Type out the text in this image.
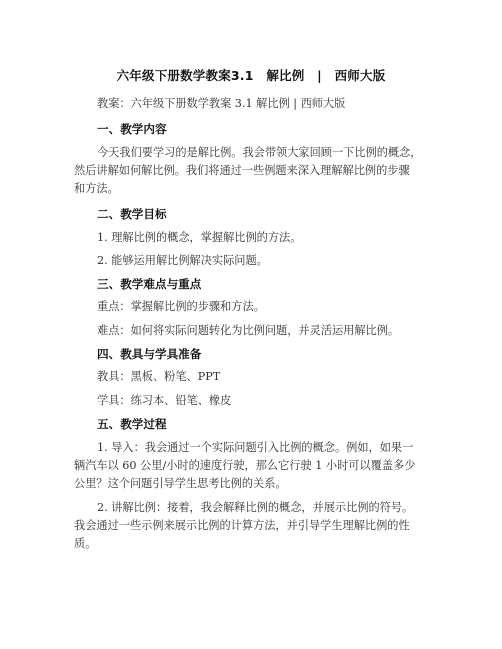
六年级下册数学教案3.1　解比例　|　西师大版
教案：六年级下册数学教案 3.1 解比例 | 西师大版
一、教学内容
今天我们要学习的是解比例。我会带领大家回顾一下比例的概念，
然后讲解如何解比例。我们将通过一些例题来深入理解解比例的步骤
和方法。
二、教学目标
1. 理解比例的概念，掌握解比例的方法。
2. 能够运用解比例解决实际问题。
三、教学难点与重点
重点：掌握解比例的步骤和方法。
难点：如何将实际问题转化为比例问题，并灵活运用解比例。
四、教具与学具准备
教具：黑板、粉笔、PPT
学具：练习本、铅笔、橡皮
五、教学过程
1. 导入：我会通过一个实际问题引入比例的概念。例如，如果一
辆汽车以 60 公里/小时的速度行驶，那么它行驶 1 小时可以覆盖多少
公里？这个问题引导学生思考比例的关系。
2. 讲解比例：接着，我会解释比例的概念，并展示比例的符号。
我会通过一些示例来展示比例的计算方法，并引导学生理解比例的性
质。
